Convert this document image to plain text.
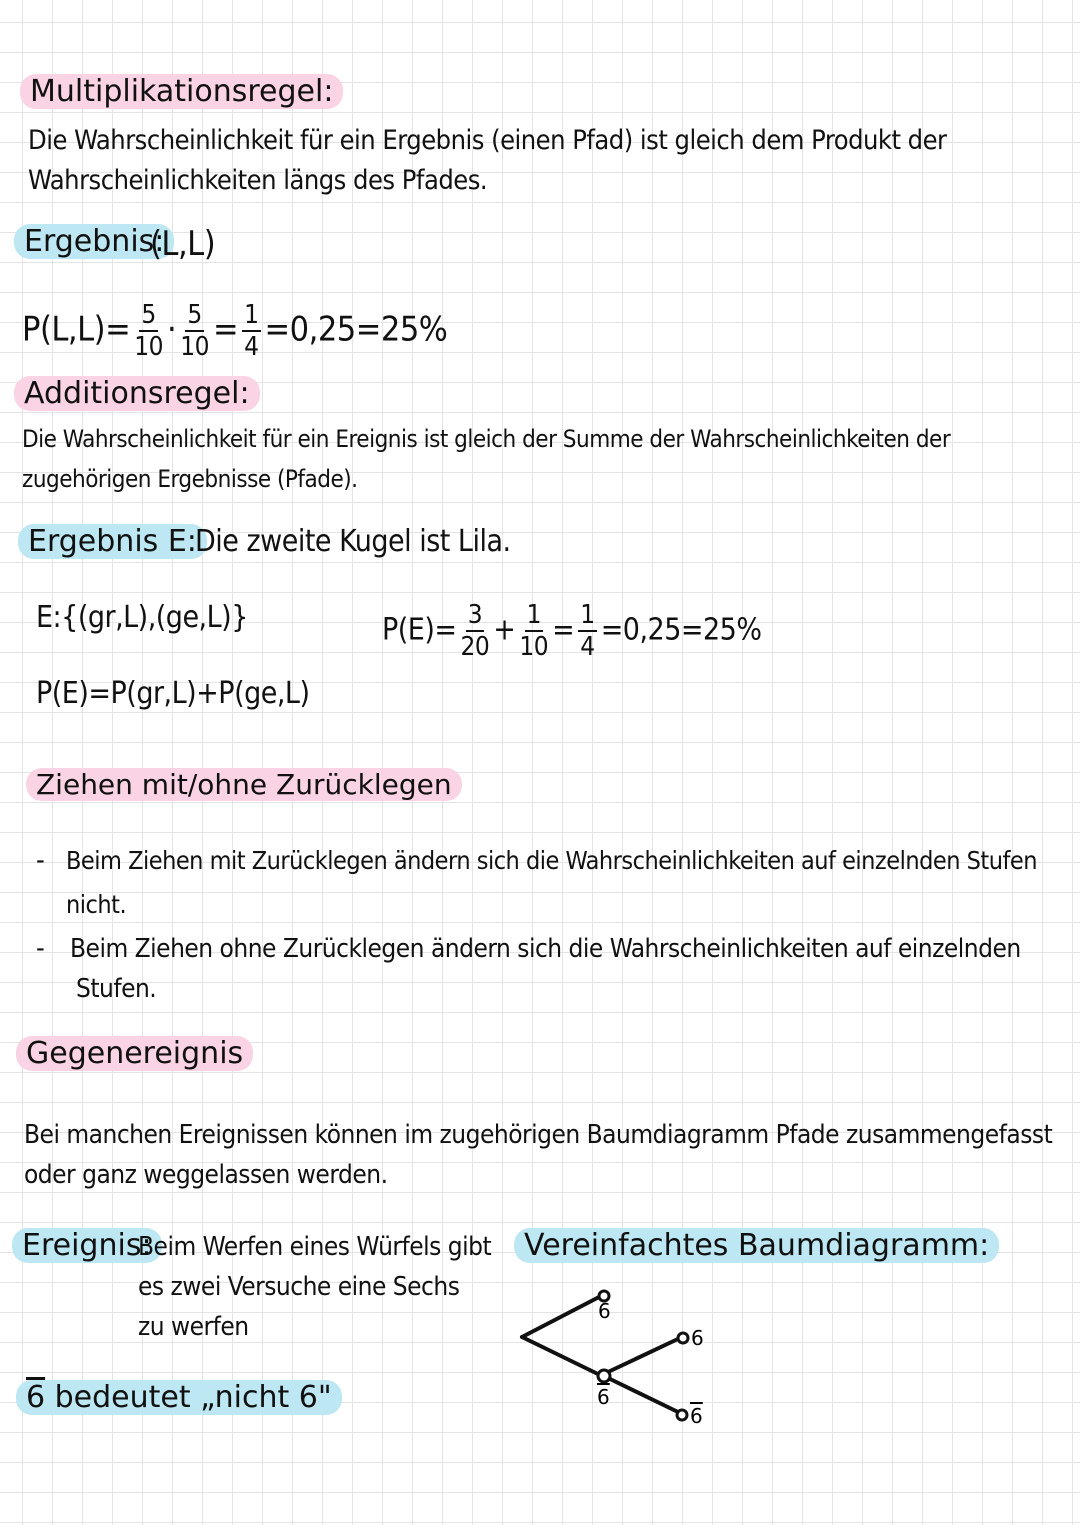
Multiplikationsregel:
Die Wahrscheinlichkeit für ein Ergebnis (einen Pfad) ist gleich dem Produkt der
Wahrscheinlichkeiten längs des Pfades.
Ergebnis:
(L,L)
$P(L,L)= \frac{5}{10} \cdot \frac{5}{10} = \frac{1}{4} =0,25=25\%$
Additionsregel:
Die Wahrscheinlichkeit für ein Ereignis ist gleich der Summe der Wahrscheinlichkeiten der
zugehörigen Ergebnisse (Pfade).
Ergebnis E:
Die zweite Kugel ist Lila.
E:{(gr,L),(ge,L)}
P(E)=P(gr,L)+P(ge,L)
$P(E)= \frac{3}{20} + \frac{1}{10} = \frac{1}{4} =0,25=25\%$
Ziehen mit/ohne Zurücklegen
- Beim Ziehen mit Zurücklegen ändern sich die Wahrscheinlichkeiten auf einzelnden Stufen
nicht.
- Beim Ziehen ohne Zurücklegen ändern sich die Wahrscheinlichkeiten auf einzelnden
Stufen.
Gegenereignis
Bei manchen Ereignissen können im zugehörigen Baumdiagramm Pfade zusammengefasst
oder ganz weggelassen werden.
Ereignis:
Beim Werfen eines Würfels gibt
es zwei Versuche eine Sechs
zu werfen
6 bedeutet „nicht 6"
Vereinfachtes Baumdiagramm:
6
6
6
6
